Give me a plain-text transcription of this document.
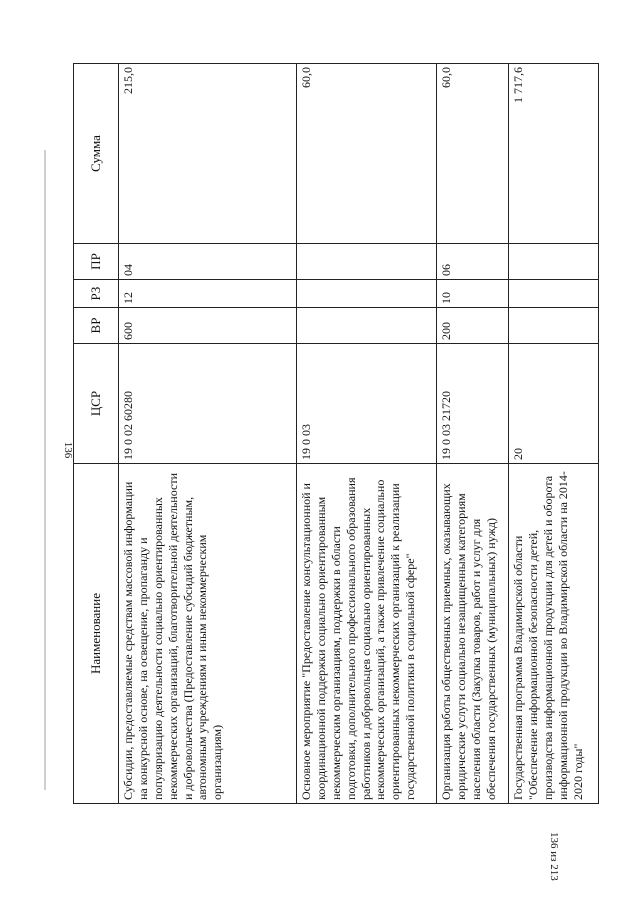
136
Наименование	ЦСР	ВР	РЗ	ПР	Сумма
Субсидии, предоставляемые средствам массовой информации на конкурсной основе, на освещение, пропаганду и популяризацию деятельности социально ориентированных некоммерческих организаций, благотворительной деятельности и добровольчества (Предоставление субсидий бюджетным, автономным учреждениям и иным некоммерческим организациям)	19 0 02 60280	600	12	04	215,0
Основное мероприятие "Предоставление консультационной и координационной поддержки социально ориентированным некоммерческим организациям, поддержки в области подготовки, дополнительного профессионального образования работников и добровольцев социально ориентированных некоммерческих организаций, а также привлечение социально ориентированных некоммерческих организаций к реализации государственной политики в социальной сфере"	19 0 03				60,0
Организация работы общественных приемных, оказывающих юридические услуги социально незащищенным категориям населения области (Закупка товаров, работ и услуг для обеспечения государственных (муниципальных) нужд)	19 0 03 21720	200	10	06	60,0
Государственная программа Владимирской области "Обеспечение информационной безопасности детей, производства информационной продукции для детей и оборота информационной продукции во Владимирской области на 2014-2020 годы"	20				1 717,6
136 из 213
